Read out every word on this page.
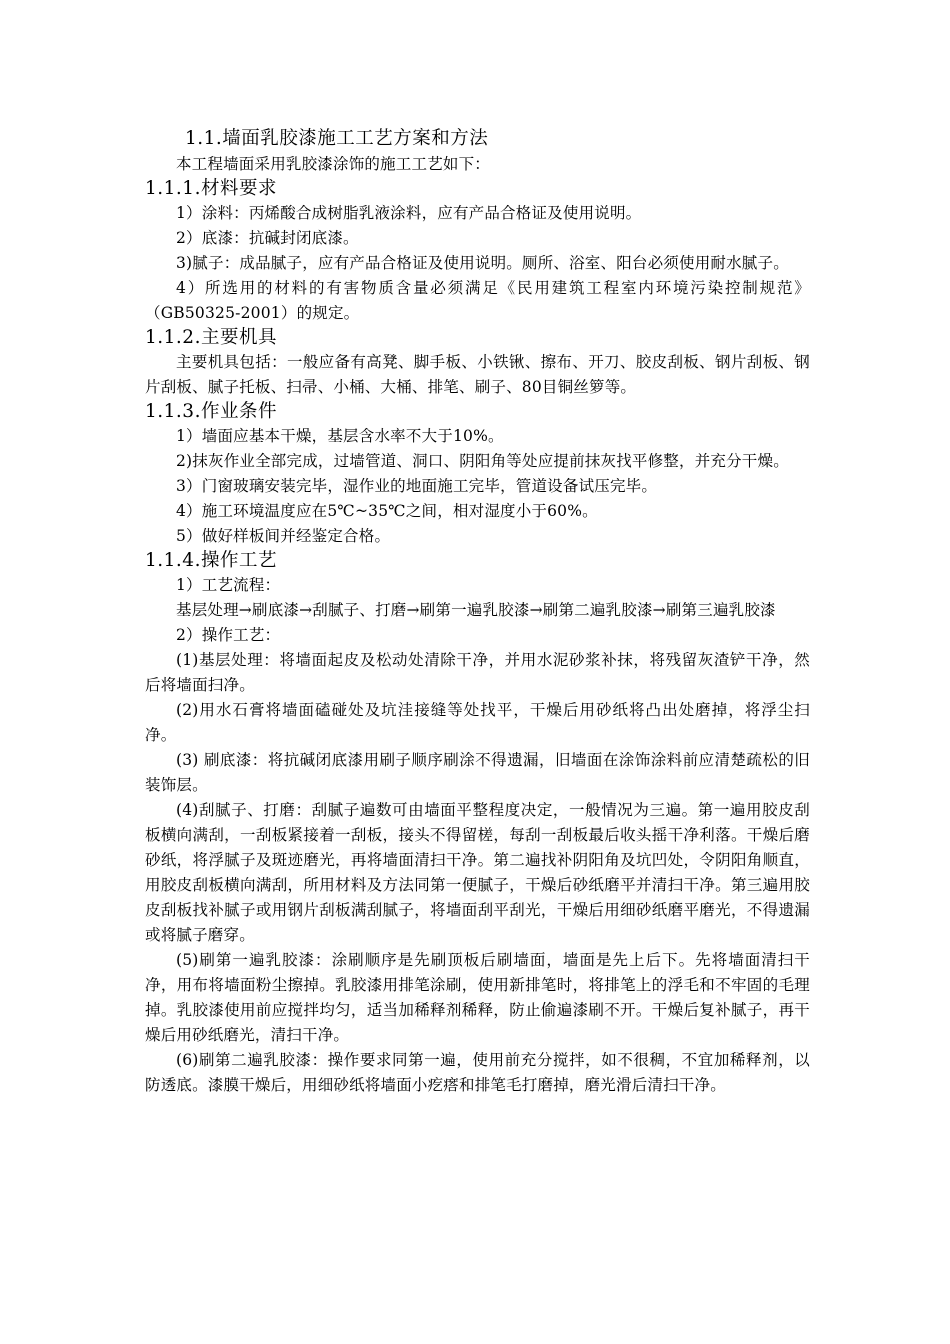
1.1.墙面乳胶漆施工工艺方案和方法

本工程墙面采用乳胶漆涂饰的施工工艺如下：

1.1.1.材料要求

1）涂料：丙烯酸合成树脂乳液涂料，应有产品合格证及使用说明。

2）底漆：抗碱封闭底漆。

3)腻子：成品腻子，应有产品合格证及使用说明。厕所、浴室、阳台必须使用耐水腻子。

4）所选用的材料的有害物质含量必须满足《民用建筑工程室内环境污染控制规范》（GB50325-2001）的规定。

1.1.2.主要机具

主要机具包括：一般应备有高凳、脚手板、小铁锹、擦布、开刀、胶皮刮板、钢片刮板、钢片刮板、腻子托板、扫帚、小桶、大桶、排笔、刷子、80目铜丝箩等。

1.1.3.作业条件

1）墙面应基本干燥，基层含水率不大于10%。

2)抹灰作业全部完成，过墙管道、洞口、阴阳角等处应提前抹灰找平修整，并充分干燥。

3）门窗玻璃安装完毕，湿作业的地面施工完毕，管道设备试压完毕。

4）施工环境温度应在5℃~35℃之间，相对湿度小于60%。

5）做好样板间并经鉴定合格。

1.1.4.操作工艺

1）工艺流程：

基层处理→刷底漆→刮腻子、打磨→刷第一遍乳胶漆→刷第二遍乳胶漆→刷第三遍乳胶漆

2）操作工艺：

(1)基层处理：将墙面起皮及松动处清除干净，并用水泥砂浆补抹，将残留灰渣铲干净，然后将墙面扫净。

(2)用水石膏将墙面磕碰处及坑洼接缝等处找平，干燥后用砂纸将凸出处磨掉，将浮尘扫净。

(3) 刷底漆：将抗碱闭底漆用刷子顺序刷涂不得遗漏，旧墙面在涂饰涂料前应清楚疏松的旧装饰层。

(4)刮腻子、打磨：刮腻子遍数可由墙面平整程度决定，一般情况为三遍。第一遍用胶皮刮板横向满刮，一刮板紧接着一刮板，接头不得留槎，每刮一刮板最后收头摇干净利落。干燥后磨砂纸，将浮腻子及斑迹磨光，再将墙面清扫干净。第二遍找补阴阳角及坑凹处，令阴阳角顺直，用胶皮刮板横向满刮，所用材料及方法同第一便腻子，干燥后砂纸磨平并清扫干净。第三遍用胶皮刮板找补腻子或用钢片刮板满刮腻子，将墙面刮平刮光，干燥后用细砂纸磨平磨光，不得遗漏或将腻子磨穿。

(5)刷第一遍乳胶漆：涂刷顺序是先刷顶板后刷墙面，墙面是先上后下。先将墙面清扫干净，用布将墙面粉尘擦掉。乳胶漆用排笔涂刷，使用新排笔时，将排笔上的浮毛和不牢固的毛理掉。乳胶漆使用前应搅拌均匀，适当加稀释剂稀释，防止偷遍漆刷不开。干燥后复补腻子，再干燥后用砂纸磨光，清扫干净。

(6)刷第二遍乳胶漆：操作要求同第一遍，使用前充分搅拌，如不很稠，不宜加稀释剂，以防透底。漆膜干燥后，用细砂纸将墙面小疙瘩和排笔毛打磨掉，磨光滑后清扫干净。
